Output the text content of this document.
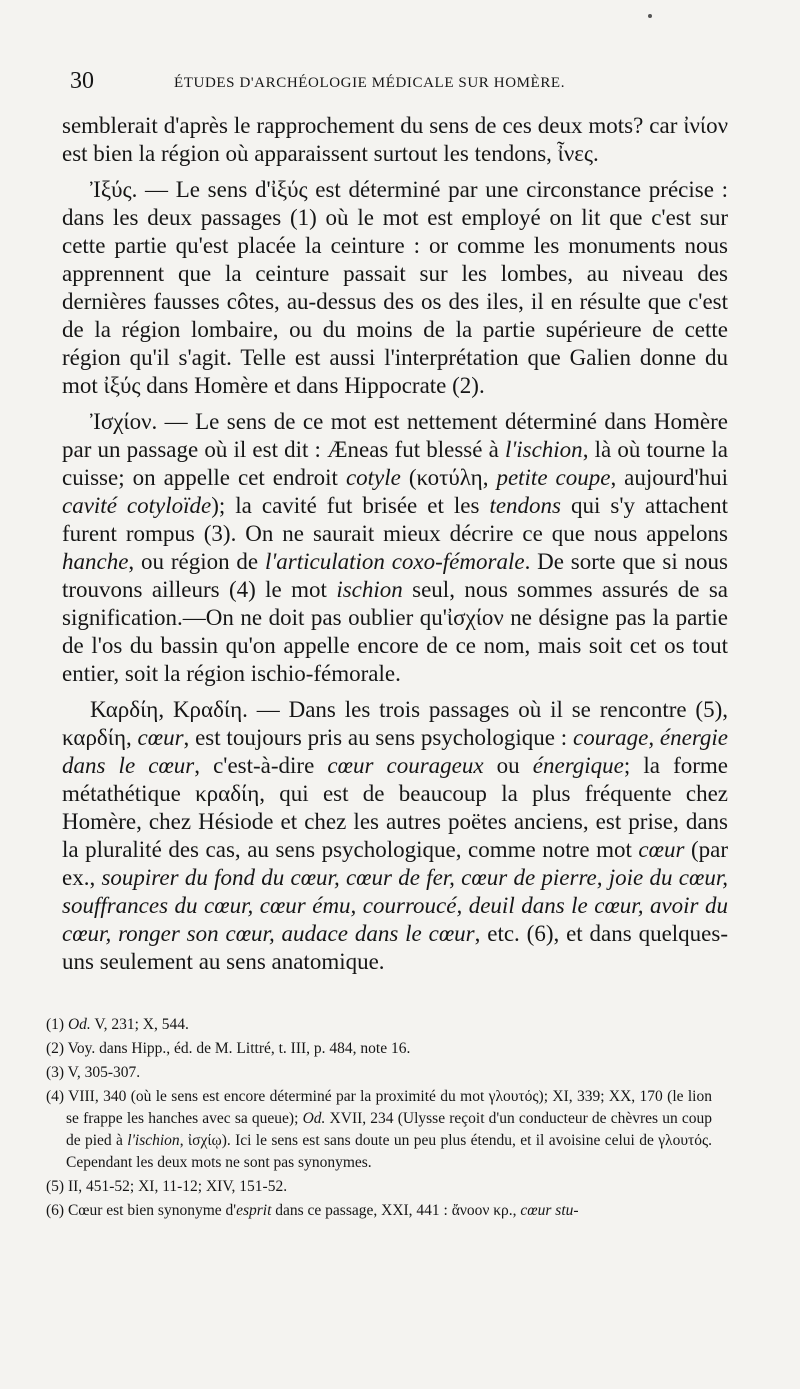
30	ÉTUDES D'ARCHÉOLOGIE MÉDICALE SUR HOMÈRE.

semblerait d'après le rapprochement du sens de ces deux mots? car ἰνίον est bien la région où apparaissent surtout les tendons, ἶνες.

Ἰξύς. — Le sens d'ἰξύς est déterminé par une circonstance précise : dans les deux passages (1) où le mot est employé on lit que c'est sur cette partie qu'est placée la ceinture : or comme les monuments nous apprennent que la ceinture passait sur les lombes, au niveau des dernières fausses côtes, au-dessus des os des iles, il en résulte que c'est de la région lombaire, ou du moins de la partie supérieure de cette région qu'il s'agit. Telle est aussi l'interprétation que Galien donne du mot ἰξύς dans Homère et dans Hippocrate (2).

Ἰσχίον. — Le sens de ce mot est nettement déterminé dans Homère par un passage où il est dit : Æneas fut blessé à l'ischion, là où tourne la cuisse; on appelle cet endroit cotyle (κοτύλη, petite coupe, aujourd'hui cavité cotyloïde); la cavité fut brisée et les tendons qui s'y attachent furent rompus (3). On ne saurait mieux décrire ce que nous appelons hanche, ou région de l'articulation coxo-fémorale. De sorte que si nous trouvons ailleurs (4) le mot ischion seul, nous sommes assurés de sa signification.—On ne doit pas oublier qu'ἰσχίον ne désigne pas la partie de l'os du bassin qu'on appelle encore de ce nom, mais soit cet os tout entier, soit la région ischio-fémorale.

Καρδίη, Κραδίη. — Dans les trois passages où il se rencontre (5), καρδίη, cœur, est toujours pris au sens psychologique : courage, énergie dans le cœur, c'est-à-dire cœur courageux ou énergique; la forme métathétique κραδίη, qui est de beaucoup la plus fréquente chez Homère, chez Hésiode et chez les autres poëtes anciens, est prise, dans la pluralité des cas, au sens psychologique, comme notre mot cœur (par ex., soupirer du fond du cœur, cœur de fer, cœur de pierre, joie du cœur, souffrances du cœur, cœur ému, courroucé, deuil dans le cœur, avoir du cœur, ronger son cœur, audace dans le cœur, etc. (6), et dans quelques-uns seulement au sens anatomique.

(1) Od. V, 231; X, 544.

(2) Voy. dans Hipp., éd. de M. Littré, t. III, p. 484, note 16.

(3) V, 305-307.

(4) VIII, 340 (où le sens est encore déterminé par la proximité du mot γλουτός); XI, 339; XX, 170 (le lion se frappe les hanches avec sa queue); Od. XVII, 234 (Ulysse reçoit d'un conducteur de chèvres un coup de pied à l'ischion, ἰσχίῳ). Ici le sens est sans doute un peu plus étendu, et il avoisine celui de γλουτός. Cependant les deux mots ne sont pas synonymes.

(5) II, 451-52; XI, 11-12; XIV, 151-52.

(6) Cœur est bien synonyme d'esprit dans ce passage, XXI, 441 : ἄνοον κρ., cœur stu-
